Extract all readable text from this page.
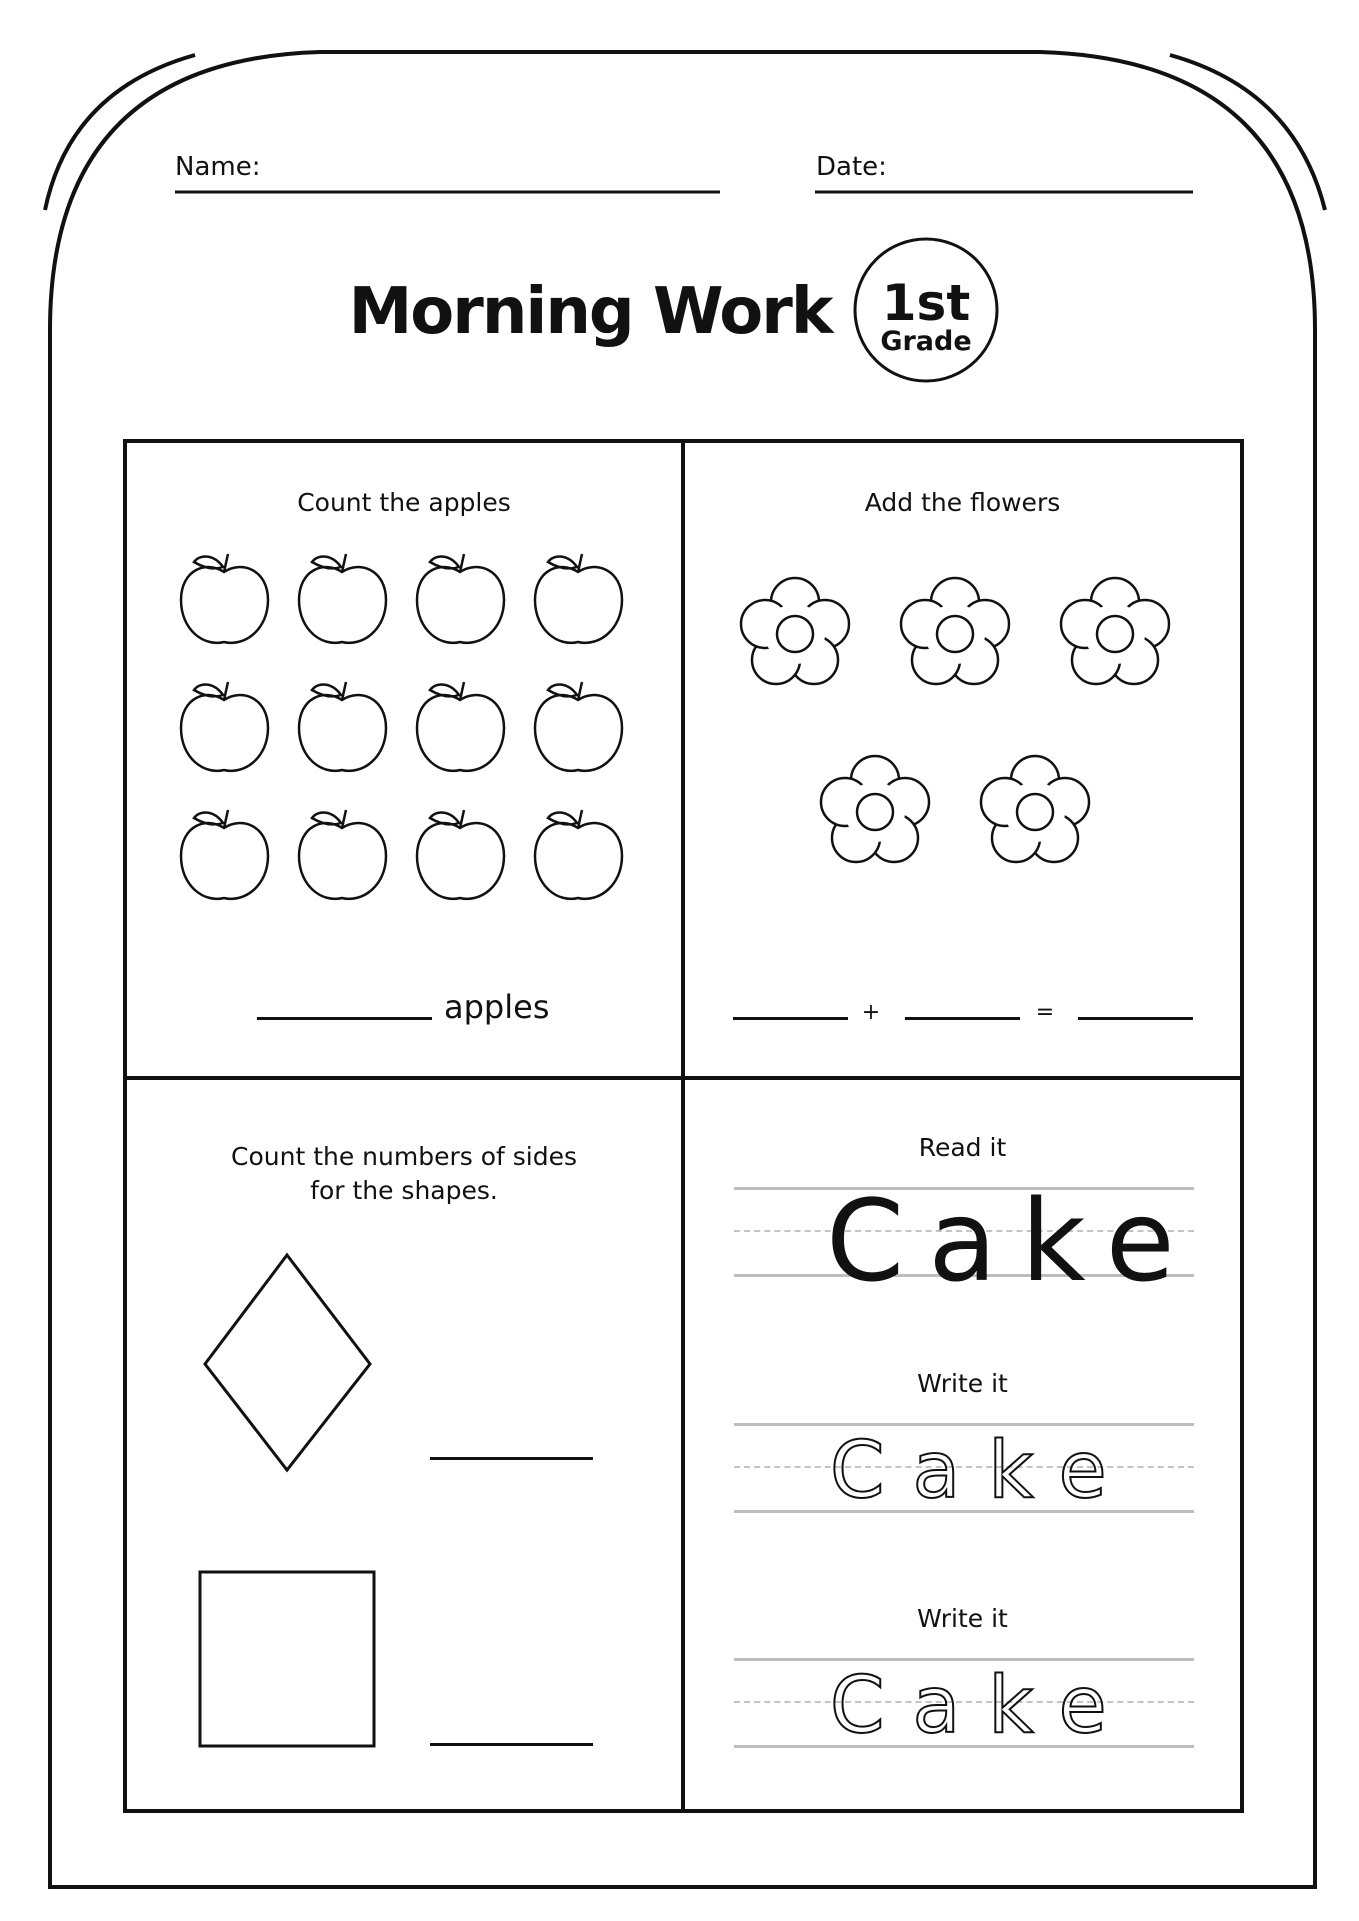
Name:	Date:
Morning Work	1st
Grade
Count the apples
apples
Add the flowers
+	=
Count the numbers of sides
for the shapes.
Read it
Cake
Write it
Cake
Write it
Cake
